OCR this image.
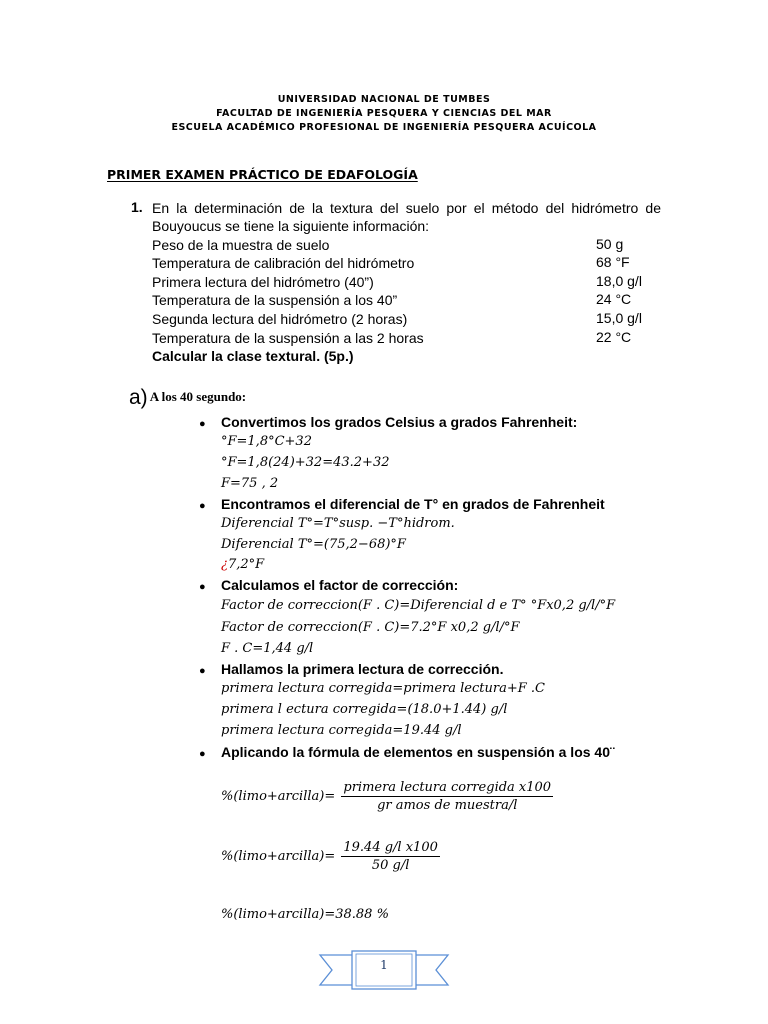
UNIVERSIDAD NACIONAL DE TUMBES
FACULTAD DE INGENIERÍA PESQUERA Y CIENCIAS DEL MAR
ESCUELA ACADÉMICO PROFESIONAL DE INGENIERÍA PESQUERA ACUÍCOLA
PRIMER EXAMEN PRÁCTICO DE EDAFOLOGÍA
1. En la determinación de la textura del suelo por el método del hidrómetro de
Bouyoucus se tiene la siguiente información:
Peso de la muestra de suelo	50 g
Temperatura de calibración del hidrómetro	68 °F
Primera lectura del hidrómetro (40”)	18,0 g/l
Temperatura de la suspensión a los 40”	24 °C
Segunda lectura del hidrómetro (2 horas)	15,0 g/l
Temperatura de la suspensión a las 2 horas	22 °C
Calcular la clase textural. (5p.)
a) A los 40 segundo:
● Convertimos los grados Celsius a grados Fahrenheit:
°F=1,8°C+32
°F=1,8(24)+32=43.2+32
F=75 , 2
● Encontramos el diferencial de T° en grados de Fahrenheit
Diferencial T°=T°susp. −T°hidrom.
Diferencial T°=(75,2−68)°F
¿7,2°F
● Calculamos el factor de corrección:
Factor de correccion(F . C)=Diferencial d e T° °Fx0,2 g/l/°F
Factor de correccion(F . C)=7.2°F x0,2 g/l/°F
F . C=1,44 g/l
● Hallamos la primera lectura de corrección.
primera lectura corregida=primera lectura+F .C
primera l ectura corregida=(18.0+1.44) g/l
primera lectura corregida=19.44 g/l
● Aplicando la fórmula de elementos en suspensión a los 40¨
%(limo+arcilla)= $\frac{\text{primera lectura corregida x100}}{\text{gr amos de muestra/l}}$
%(limo+arcilla)= $\frac{\text{19.44 g/l x100}}{50 g/l}$
%(limo+arcilla)=38.88 %
1
